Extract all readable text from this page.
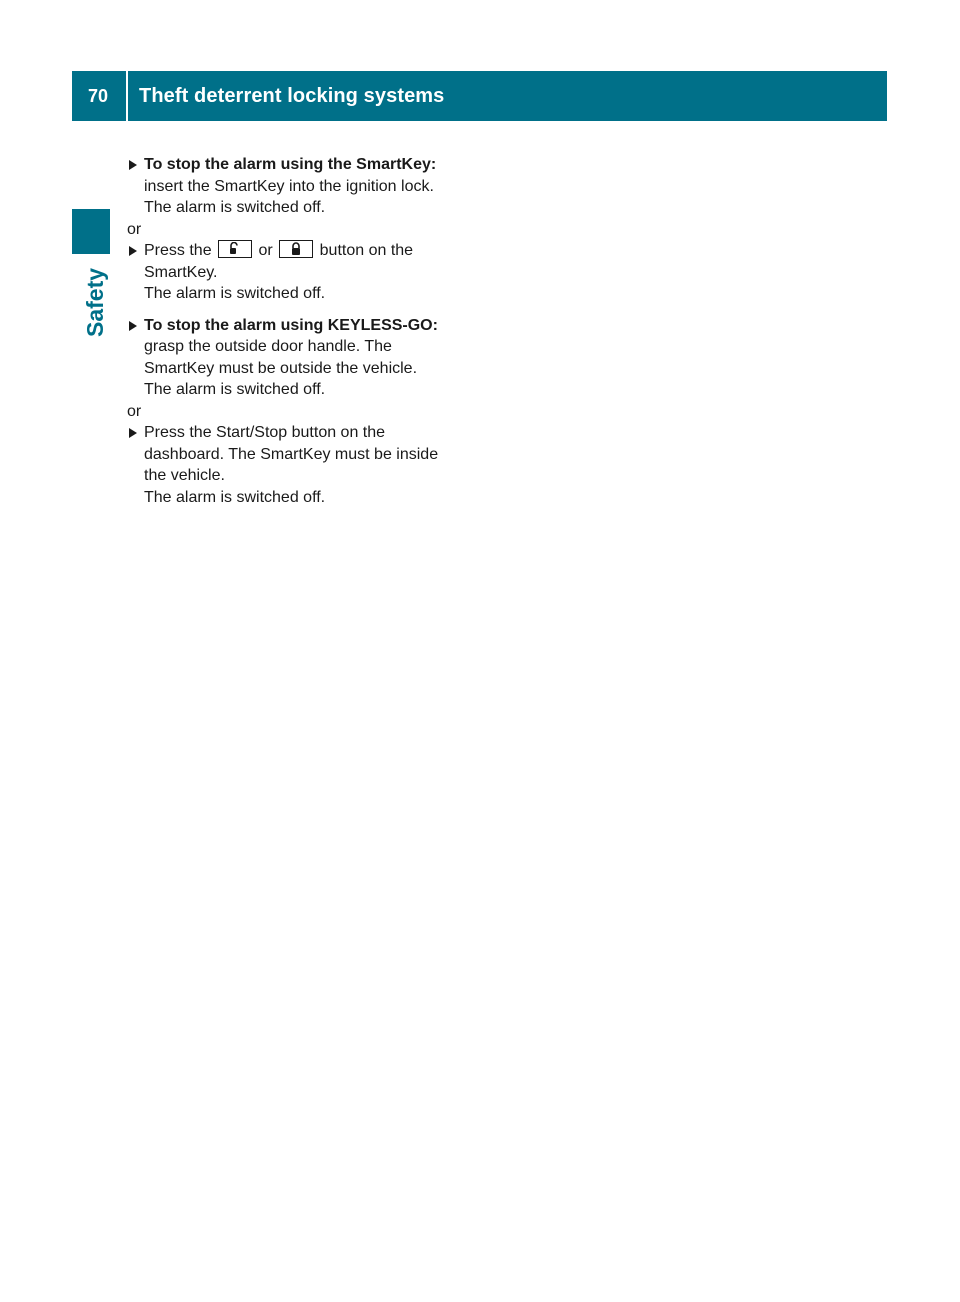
70	Theft deterrent locking systems
Safety

To stop the alarm using the SmartKey:

insert the SmartKey into the ignition lock.

The alarm is switched off.

or

Press the	or	button on the

SmartKey.

The alarm is switched off.

To stop the alarm using KEYLESS-GO:

grasp the outside door handle. The

SmartKey must be outside the vehicle.

The alarm is switched off.

or

Press the Start/Stop button on the

dashboard. The SmartKey must be inside

the vehicle.

The alarm is switched off.
